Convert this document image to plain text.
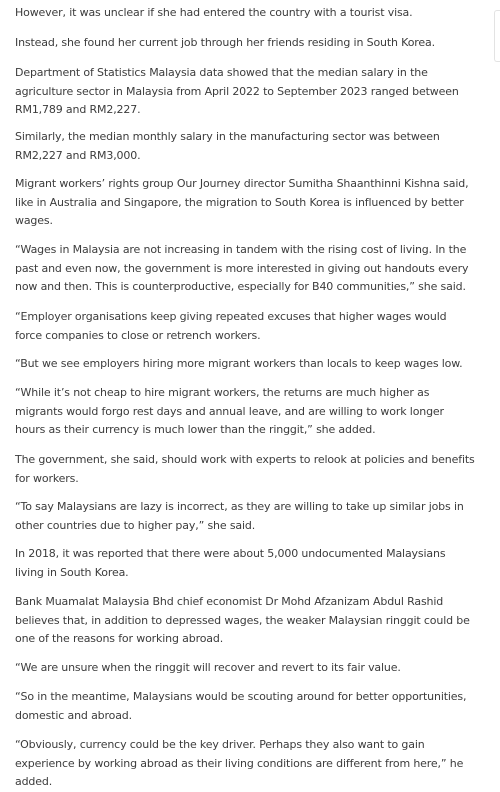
However, it was unclear if she had entered the country with a tourist visa.

Instead, she found her current job through her friends residing in South Korea.

Department of Statistics Malaysia data showed that the median salary in the agriculture sector in Malaysia from April 2022 to September 2023 ranged between RM1,789 and RM2,227.

Similarly, the median monthly salary in the manufacturing sector was between RM2,227 and RM3,000.

Migrant workers’ rights group Our Journey director Sumitha Shaanthinni Kishna said, like in Australia and Singapore, the migration to South Korea is influenced by better wages.

“Wages in Malaysia are not increasing in tandem with the rising cost of living. In the past and even now, the government is more interested in giving out handouts every now and then. This is counterproductive, especially for B40 communities,” she said.

“Employer organisations keep giving repeated excuses that higher wages would force companies to close or retrench workers.

“But we see employers hiring more migrant workers than locals to keep wages low.

“While it’s not cheap to hire migrant workers, the returns are much higher as migrants would forgo rest days and annual leave, and are willing to work longer hours as their currency is much lower than the ringgit,” she added.

The government, she said, should work with experts to relook at policies and benefits for workers.

“To say Malaysians are lazy is incorrect, as they are willing to take up similar jobs in other countries due to higher pay,” she said.

In 2018, it was reported that there were about 5,000 undocumented Malaysians living in South Korea.

Bank Muamalat Malaysia Bhd chief economist Dr Mohd Afzanizam Abdul Rashid believes that, in addition to depressed wages, the weaker Malaysian ringgit could be one of the reasons for working abroad.

“We are unsure when the ringgit will recover and revert to its fair value.

“So in the meantime, Malaysians would be scouting around for better opportunities, domestic and abroad.

“Obviously, currency could be the key driver. Perhaps they also want to gain experience by working abroad as their living conditions are different from here,” he added.
